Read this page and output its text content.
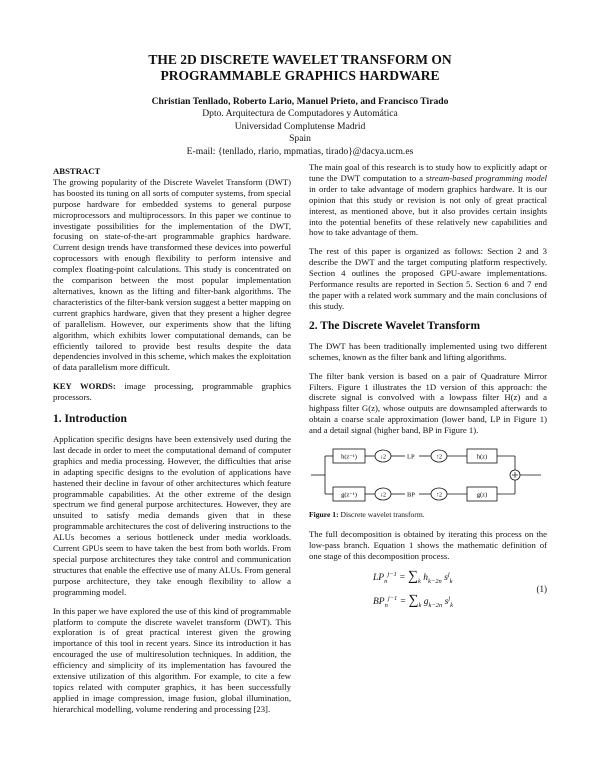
THE 2D DISCRETE WAVELET TRANSFORM ON
PROGRAMMABLE GRAPHICS HARDWARE
Christian Tenllado, Roberto Lario, Manuel Prieto, and Francisco Tirado
Dpto. Arquitectura de Computadores y Automática
Universidad Complutense Madrid
Spain
E-mail: {tenllado, rlario, mpmatias, tirado}@dacya.ucm.es

ABSTRACT

The growing popularity of the Discrete Wavelet Transform (DWT) has boosted its tuning on all sorts of computer systems, from special purpose hardware for embedded systems to general purpose microprocessors and multiprocessors. In this paper we continue to investigate possibilities for the implementation of the DWT, focusing on state-of-the-art programmable graphics hardware. Current design trends have transformed these devices into powerful coprocessors with enough flexibility to perform intensive and complex floating-point calculations. This study is concentrated on the comparison between the most popular implementation alternatives, known as the lifting and filter-bank algorithms. The characteristics of the filter-bank version suggest a better mapping on current graphics hardware, given that they present a higher degree of parallelism. However, our experiments show that the lifting algorithm, which exhibits lower computational demands, can be efficiently tailored to provide best results despite the data dependencies involved in this scheme, which makes the exploitation of data parallelism more difficult.

KEY WORDS: image processing, programmable graphics processors.

1. Introduction

Application specific designs have been extensively used during the last decade in order to meet the computational demand of computer graphics and media processing. However, the difficulties that arise in adapting specific designs to the evolution of applications have hastened their decline in favour of other architectures which feature programmable capabilities. At the other extreme of the design spectrum we find general purpose architectures. However, they are unsuited to satisfy media demands given that in these programmable architectures the cost of delivering instructions to the ALUs becomes a serious bottleneck under media workloads. Current GPUs seem to have taken the best from both worlds. From special purpose architectures they take control and communication structures that enable the effective use of many ALUs. From general purpose architecture, they take enough flexibility to allow a programming model.

In this paper we have explored the use of this kind of programmable platform to compute the discrete wavelet transform (DWT). This exploration is of great practical interest given the growing importance of this tool in recent years. Since its introduction it has encouraged the use of multiresolution techniques. In addition, the efficiency and simplicity of its implementation has favoured the extensive utilization of this algorithm. For example, to cite a few topics related with computer graphics, it has been successfully applied in image compression, image fusion, global illumination, hierarchical modelling, volume rendering and processing [23].

The main goal of this research is to study how to explicitly adapt or tune the DWT computation to a stream-based programming model in order to take advantage of modern graphics hardware. It is our opinion that this study or revision is not only of great practical interest, as mentioned above, but it also provides certain insights into the potential benefits of these relatively new capabilities and how to take advantage of them.

The rest of this paper is organized as follows: Section 2 and 3 describe the DWT and the target computing platform respectively. Section 4 outlines the proposed GPU-aware implementations. Performance results are reported in Section 5. Section 6 and 7 end the paper with a related work summary and the main conclusions of this study.

2. The Discrete Wavelet Transform

The DWT has been traditionally implemented using two different schemes, known as the filter bank and lifting algorithms.

The filter bank version is based on a pair of Quadrature Mirror Filters. Figure 1 illustrates the 1D version of this approach: the discrete signal is convolved with a lowpass filter H(z) and a highpass filter G(z), whose outputs are downsampled afterwards to obtain a coarse scale approximation (lower band, LP in Figure 1) and a detail signal (higher band, BP in Figure 1).

h(z⁻¹)	↓2	LP	↑2	h(z)
g(z⁻¹)	↓2	BP	↑2	g(z)

Figure 1: Discrete wavelet transform.

The full decomposition is obtained by iterating this process on the low-pass branch. Equation 1 shows the mathematic definition of one stage of this decomposition process.

$LP_n^{j-1} = \sum_k$ $h_{k-2n}$ $s^j_k$
$BP_n^{j-1} = \sum_k$ $g_{k-2n}$ $s^j_k$
(1)
